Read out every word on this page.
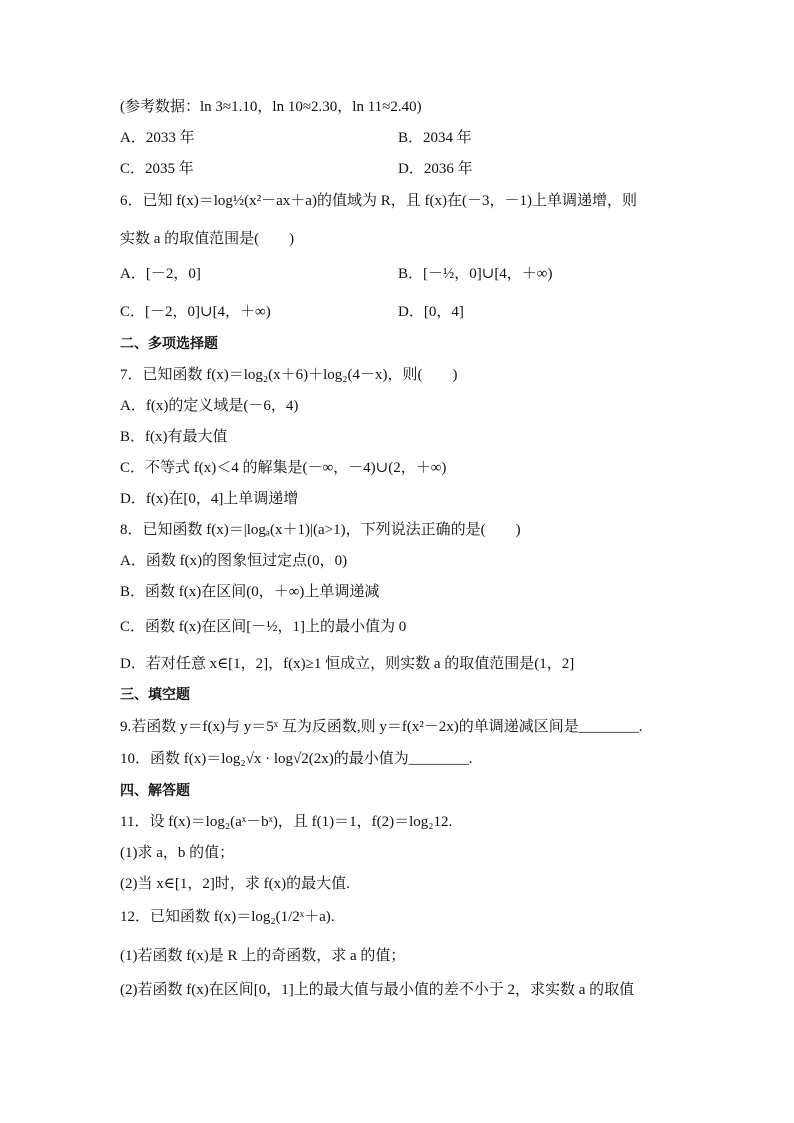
(参考数据：ln 3≈1.10，ln 10≈2.30，ln 11≈2.40)
A．2033 年	B．2034 年
C．2035 年	D．2036 年
6．已知 f(x)＝log½(x²－ax＋a)的值域为 R，且 f(x)在(－3，－1)上单调递增，则
实数 a 的取值范围是(　　)
A．[－2，0]	B．[－½，0]∪[4，＋∞)
C．[－2，0]∪[4，＋∞)	D．[0，4]
二、多项选择题
7．已知函数 f(x)＝log₂(x＋6)＋log₂(4－x)，则(　　)
A．f(x)的定义域是(－6，4)
B．f(x)有最大值
C．不等式 f(x)＜4 的解集是(－∞，－4)∪(2，＋∞)
D．f(x)在[0，4]上单调递增
8．已知函数 f(x)＝|logₐ(x＋1)|(a>1)，下列说法正确的是(　　)
A．函数 f(x)的图象恒过定点(0，0)
B．函数 f(x)在区间(0，＋∞)上单调递减
C．函数 f(x)在区间[－½，1]上的最小值为 0
D．若对任意 x∈[1，2]，f(x)≥1 恒成立，则实数 a 的取值范围是(1，2]
三、填空题
9.若函数 y＝f(x)与 y＝5ˣ 互为反函数,则 y＝f(x²－2x)的单调递减区间是________.
10．函数 f(x)＝log₂√x · log√2(2x)的最小值为________.
四、解答题
11．设 f(x)＝log₂(aˣ－bˣ)，且 f(1)＝1，f(2)＝log₂12.
(1)求 a，b 的值；
(2)当 x∈[1，2]时，求 f(x)的最大值.
12．已知函数 f(x)＝log₂(1/2ˣ＋a).
(1)若函数 f(x)是 R 上的奇函数，求 a 的值；
(2)若函数 f(x)在区间[0，1]上的最大值与最小值的差不小于 2，求实数 a 的取值
